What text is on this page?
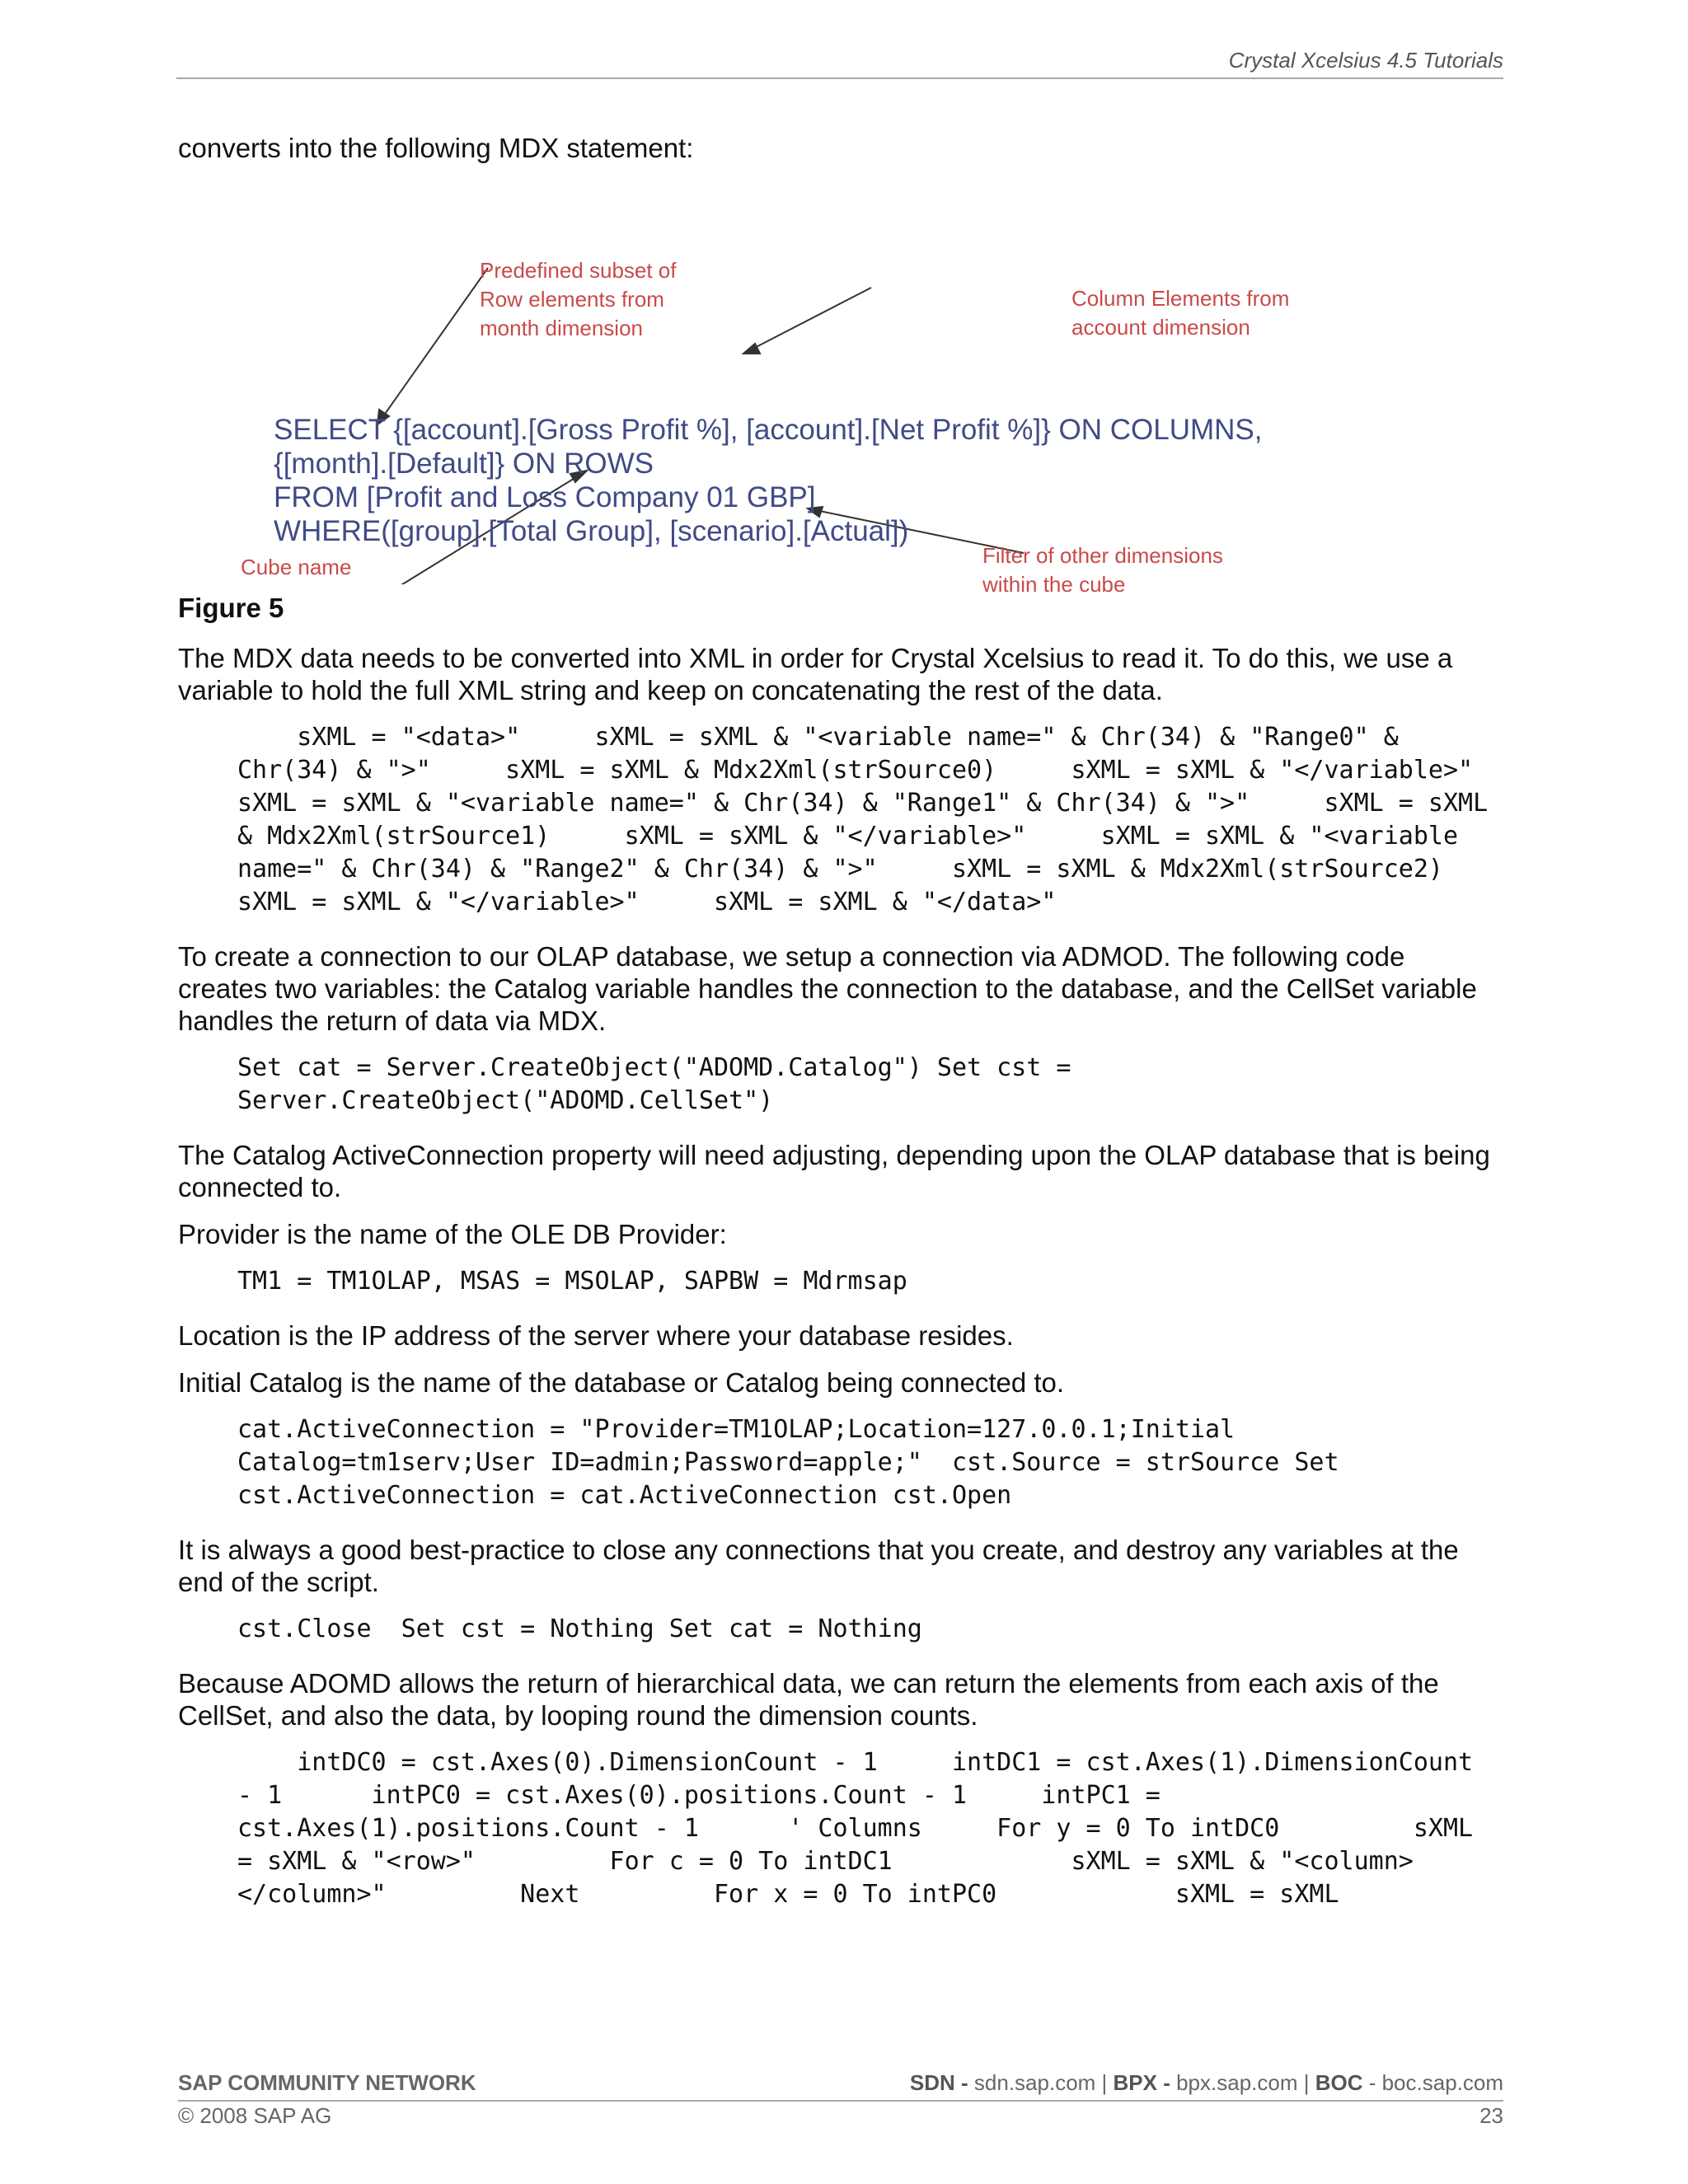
Crystal Xcelsius 4.5 Tutorials

converts into the following MDX statement:

Predefined subset of
Row elements from
month dimension
Column Elements from
account dimension
Cube name	Filter of other dimensions
within the cube
SELECT {[account].[Gross Profit %], [account].[Net Profit %]} ON COLUMNS,
{[month].[Default]} ON ROWS
FROM [Profit and Loss Company 01 GBP]
WHERE([group].[Total Group], [scenario].[Actual])
Figure 5

The MDX data needs to be converted into XML in order for Crystal Xcelsius to read it. To do this, we use a variable to hold the full XML string and keep on concatenating the rest of the data.

sXML = "<data>"     sXML = sXML & "<variable name=" & Chr(34) & "Range0" & Chr(34) & ">"     sXML = sXML & Mdx2Xml(strSource0)     sXML = sXML & "</variable>" sXML = sXML & "<variable name=" & Chr(34) & "Range1" & Chr(34) & ">"     sXML = sXML & Mdx2Xml(strSource1)     sXML = sXML & "</variable>"     sXML = sXML & "<variable name=" & Chr(34) & "Range2" & Chr(34) & ">"     sXML = sXML & Mdx2Xml(strSource2) sXML = sXML & "</variable>"     sXML = sXML & "</data>"

To create a connection to our OLAP database, we setup a connection via ADMOD. The following code creates two variables: the Catalog variable handles the connection to the database, and the CellSet variable handles the return of data via MDX.

Set cat = Server.CreateObject("ADOMD.Catalog") Set cst = Server.CreateObject("ADOMD.CellSet")

The Catalog ActiveConnection property will need adjusting, depending upon the OLAP database that is being connected to.

Provider is the name of the OLE DB Provider:

TM1 = TM1OLAP, MSAS = MSOLAP, SAPBW = Mdrmsap

Location is the IP address of the server where your database resides.

Initial Catalog is the name of the database or Catalog being connected to.

cat.ActiveConnection = "Provider=TM1OLAP;Location=127.0.0.1;Initial Catalog=tm1serv;User ID=admin;Password=apple;"  cst.Source = strSource Set cst.ActiveConnection = cat.ActiveConnection cst.Open

It is always a good best-practice to close any connections that you create, and destroy any variables at the end of the script.

cst.Close  Set cst = Nothing Set cat = Nothing

Because ADOMD allows the return of hierarchical data, we can return the elements from each axis of the CellSet, and also the data, by looping round the dimension counts.

intDC0 = cst.Axes(0).DimensionCount - 1     intDC1 = cst.Axes(1).DimensionCount - 1      intPC0 = cst.Axes(0).positions.Count - 1     intPC1 = cst.Axes(1).positions.Count - 1      ' Columns     For y = 0 To intDC0         sXML = sXML & "<row>"         For c = 0 To intDC1            sXML = sXML & "<column></column>"         Next         For x = 0 To intPC0            sXML = sXML
SAP COMMUNITY NETWORK	SDN - sdn.sap.com | BPX - bpx.sap.com | BOC - boc.sap.com
© 2008 SAP AG	23
